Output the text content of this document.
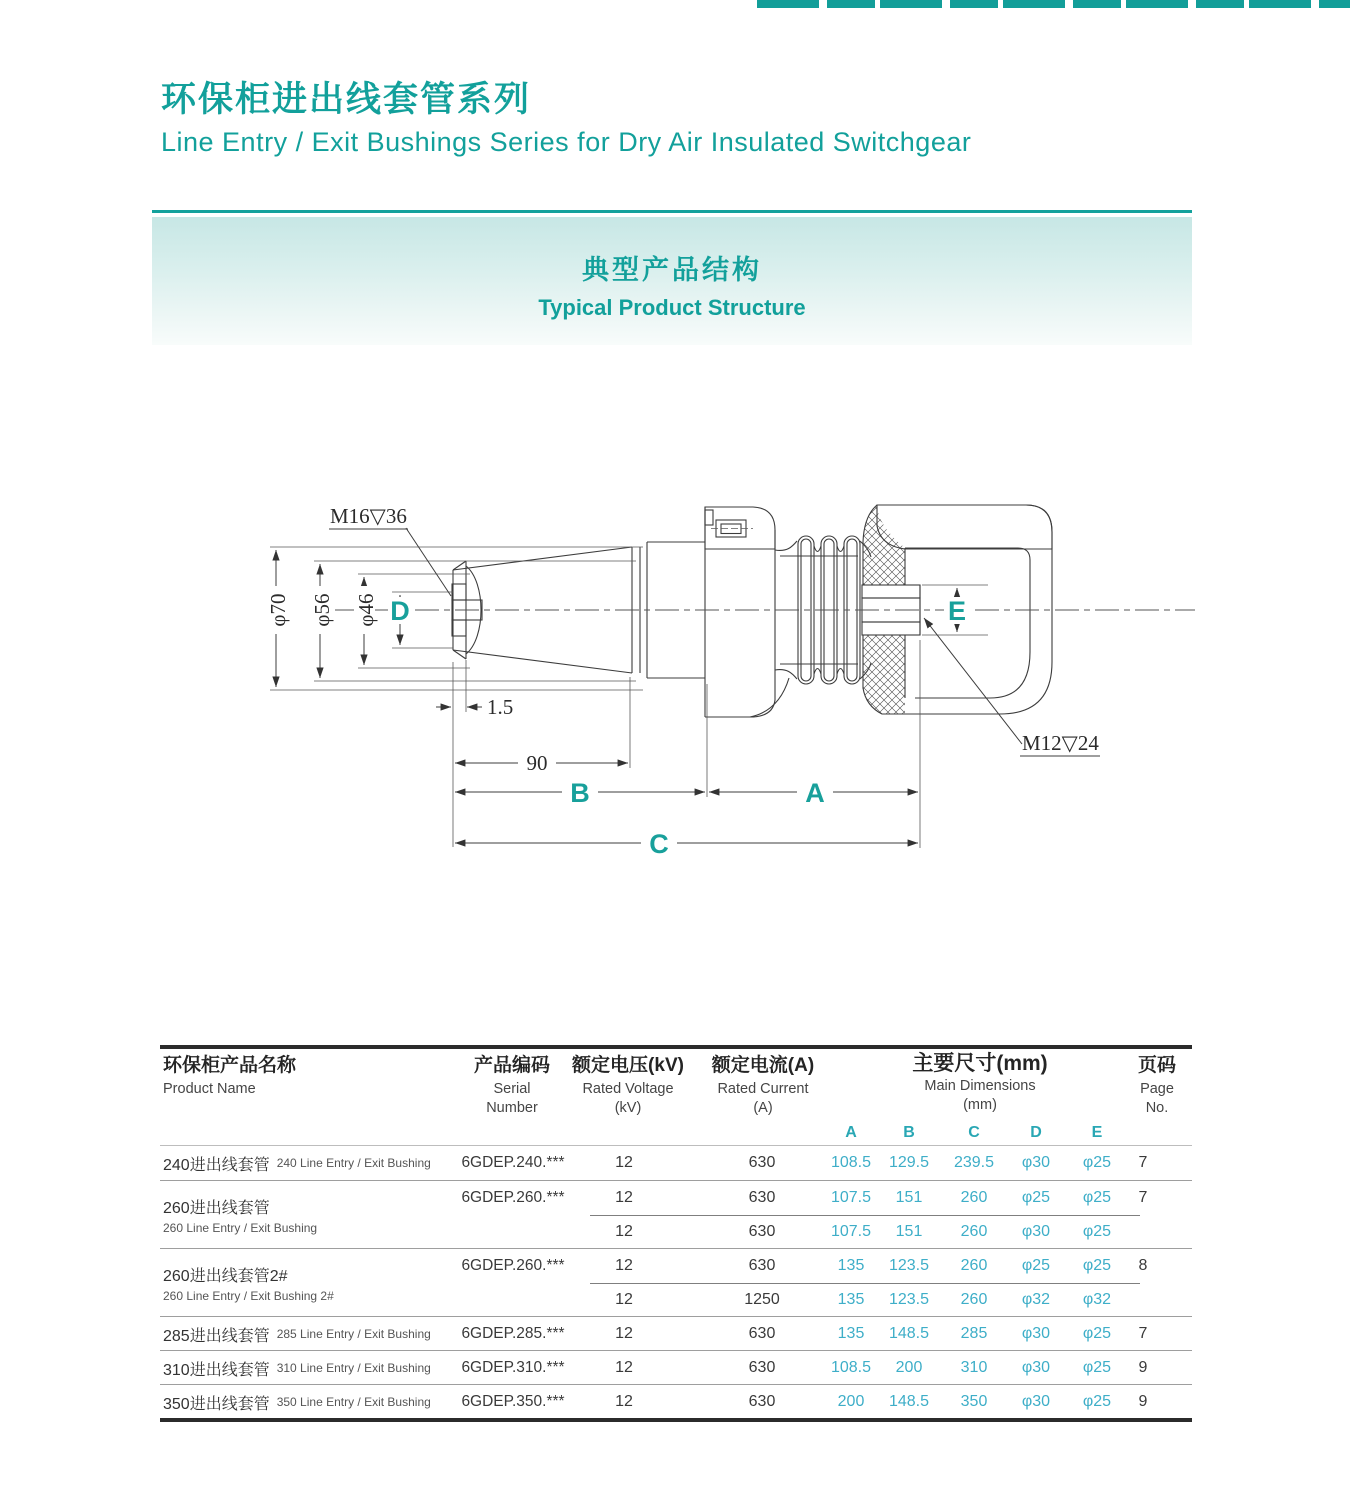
环保柜进出线套管系列
Line Entry / Exit Bushings Series for Dry Air Insulated Switchgear
典型产品结构
Typical Product Structure
M16▽36
M12▽24
φ70 φ56 φ46
1.5
90
D	E
B	A
C
环保柜产品名称
Product Name
产品编码
Serial
Number
额定电压(kV)
Rated Voltage
(kV)
额定电流(A)
Rated Current
(A)
主要尺寸(mm)
Main Dimensions
(mm)
A	B	C	D	E
页码
Page
No.
240进出线套管 240 Line Entry / Exit Bushing	6GDEP.240.***	12	630	108.5	129.5	239.5	φ30	φ25	7
260进出线套管
260 Line Entry / Exit Bushing
6GDEP.260.***	12	630	107.5	151	260	φ25	φ25	7
12	630	107.5	151	260	φ30	φ25
260进出线套管2#
260 Line Entry / Exit Bushing 2#
6GDEP.260.***	12	630	135	123.5	260	φ25	φ25	8
12	1250	135	123.5	260	φ32	φ32
285进出线套管 285 Line Entry / Exit Bushing	6GDEP.285.***	12	630	135	148.5	285	φ30	φ25	7
310进出线套管 310 Line Entry / Exit Bushing	6GDEP.310.***	12	630	108.5	200	310	φ30	φ25	9
350进出线套管 350 Line Entry / Exit Bushing	6GDEP.350.***	12	630	200	148.5	350	φ30	φ25	9
